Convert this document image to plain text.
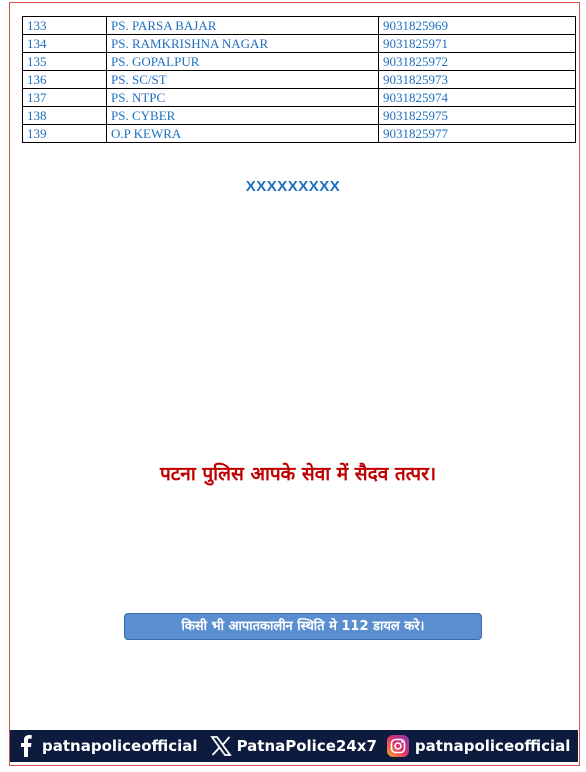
133	PS. PARSA BAJAR	9031825969
134	PS. RAMKRISHNA NAGAR	9031825971
135	PS. GOPALPUR	9031825972
136	PS. SC/ST	9031825973
137	PS. NTPC	9031825974
138	PS. CYBER	9031825975
139	O.P KEWRA	9031825977
XXXXXXXXX
पटना पुलिस आपके सेवा में सैदव तत्पर।
किसी भी आपातकालीन स्थिति मे 112 डायल करे।
patnapoliceofficial	PatnaPolice24x7	patnapoliceofficial
